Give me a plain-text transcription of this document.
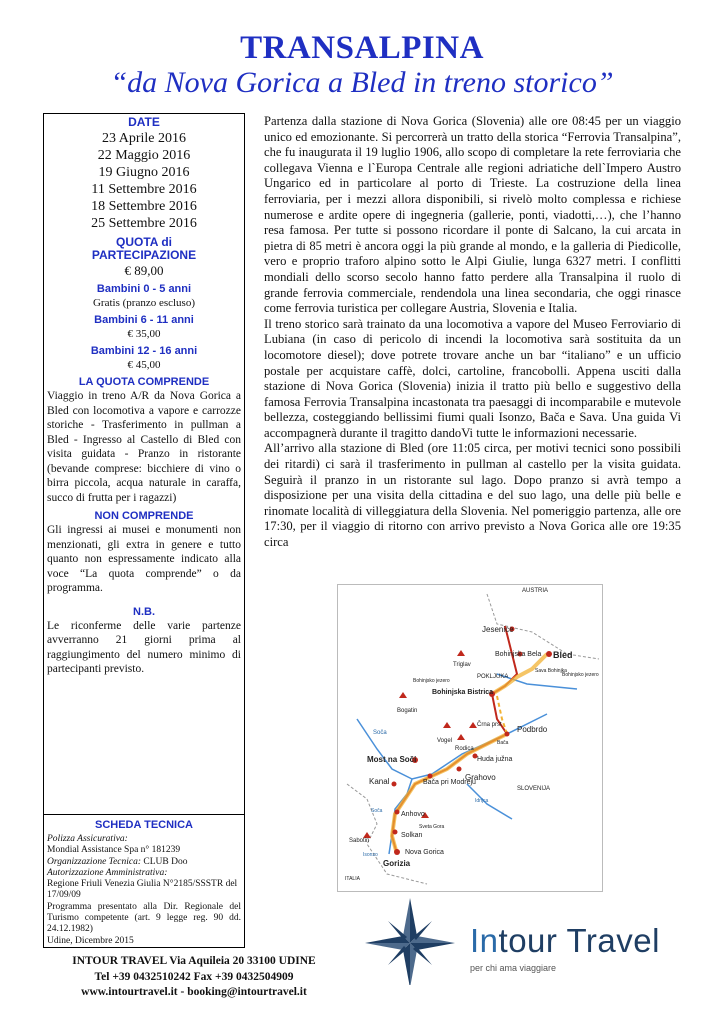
TRANSALPINA
“da Nova Gorica a Bled in treno storico”
DATE
23 Aprile 2016
22 Maggio 2016
19 Giugno 2016
11 Settembre 2016
18 Settembre 2016
25 Settembre 2016
QUOTA di
PARTECIPAZIONE
€ 89,00
Bambini 0 - 5 anni
Gratis (pranzo escluso)
Bambini 6 - 11 anni
€ 35,00
Bambini 12 - 16 anni
€ 45,00
LA QUOTA COMPRENDE
Viaggio in treno A/R da Nova Gorica a Bled con locomotiva a vapore e carrozze storiche - Trasferimento in pullman a Bled - Ingresso al Castello di Bled con visita guidata - Pranzo in ristorante (bevande comprese: bicchiere di vino o birra piccola, acqua naturale in caraffa, succo di frutta per i ragazzi)
NON COMPRENDE
Gli ingressi ai musei e monumenti non menzionati, gli extra in genere e tutto quanto non espressamente indicato alla voce “La quota comprende” o da programma.
N.B.
Le riconferme delle varie partenze avverranno 21 giorni prima al raggiungimento del numero minimo di partecipanti previsto.
SCHEDA TECNICA
Polizza Assicurativa:
Mondial Assistance Spa n° 181239
Organizzazione Tecnica: CLUB Doo
Autorizzazione Amministrativa:
Regione Friuli Venezia Giulia N°2185/SSSTR del 17/09/09
Programma presentato alla Dir. Regionale del Turismo competente (art. 9 legge reg. 90 dd. 24.12.1982)
Udine, Dicembre 2015

Partenza dalla stazione di Nova Gorica (Slovenia) alle ore 08:45 per un viaggio unico ed emozionante. Si percorrerà un tratto della storica “Ferrovia Transalpina”, che fu inaugurata il 19 luglio 1906, allo scopo di completare la rete ferroviaria che collegava Vienna e l`Europa Centrale alle regioni adriatiche dell`Impero Austro Ungarico ed in particolare al porto di Trieste. La costruzione della linea ferroviaria, per i mezzi allora disponibili, si rivelò molto complessa e richiese numerose e ardite opere di ingegneria (gallerie, ponti, viadotti,…), che l’hanno resa famosa. Per tutte si possono ricordare il ponte di Salcano, la cui arcata in pietra di 85 metri è ancora oggi la più grande al mondo, e la galleria di Piedicolle, vero e proprio traforo alpino sotto le Alpi Giulie, lunga 6327 metri. I conflitti mondiali dello scorso secolo hanno fatto perdere alla Transalpina il ruolo di grande ferrovia commerciale, rendendola una linea secondaria, che oggi rinasce come ferrovia turistica per collegare Austria, Slovenia e Italia.

Il treno storico sarà trainato da una locomotiva a vapore del Museo Ferroviario di Lubiana (in caso di pericolo di incendi la locomotiva sarà sostituita da un locomotore diesel); dove potrete trovare anche un bar “italiano” e un ufficio postale per acquistare caffè, dolci, cartoline, francobolli. Appena usciti dalla stazione di Nova Gorica (Slovenia) inizia il tratto più bello e suggestivo della famosa Ferrovia Transalpina incastonata tra paesaggi di incomparabile e mutevole bellezza, costeggiando bellissimi fiumi quali Isonzo, Bača e Sava. Una guida Vi accompagnerà durante il tragitto dandoVi tutte le informazioni necessarie.

All’arrivo alla stazione di Bled (ore 11:05 circa, per motivi tecnici sono possibili dei ritardi) ci sarà il trasferimento in pullman al castello per la visita guidata. Seguirà il pranzo in un ristorante sul lago. Dopo pranzo si avrà tempo a disposizione per una visita della cittadina e del suo lago, una delle più belle e rinomate località di villeggiatura della Slovenia. Nel pomeriggio partenza, alle ore 17:30, per il viaggio di ritorno con arrivo previsto a Nova Gorica alle ore 19:35 circa

AUSTRIA
Jesenice
Bohinjska Bela Bled
Triglav
Bohinjsko jezero
POKLJUKA
Bohinjska Bistrica
Bohinjsko jezero
Sava Bohinjka
Bogatin
Soča
Vogel
Črna prst
Rodica
Podbrdo
Bača
Most na Soči	Huda južna
Kanal	Bača pri Modreju
Grahovo
SLOVENIJA
Idrijca
Soča	Anhovo
Sveta Gora
Sabotin
Solkan
Isonzo	Nova Gorica
Gorizia
ITALIA
Intour Travel
per chi ama viaggiare
INTOUR TRAVEL Via Aquileia 20 33100 UDINE
Tel +39 0432510242 Fax +39 0432504909
www.intourtravel.it - booking@intourtravel.it
